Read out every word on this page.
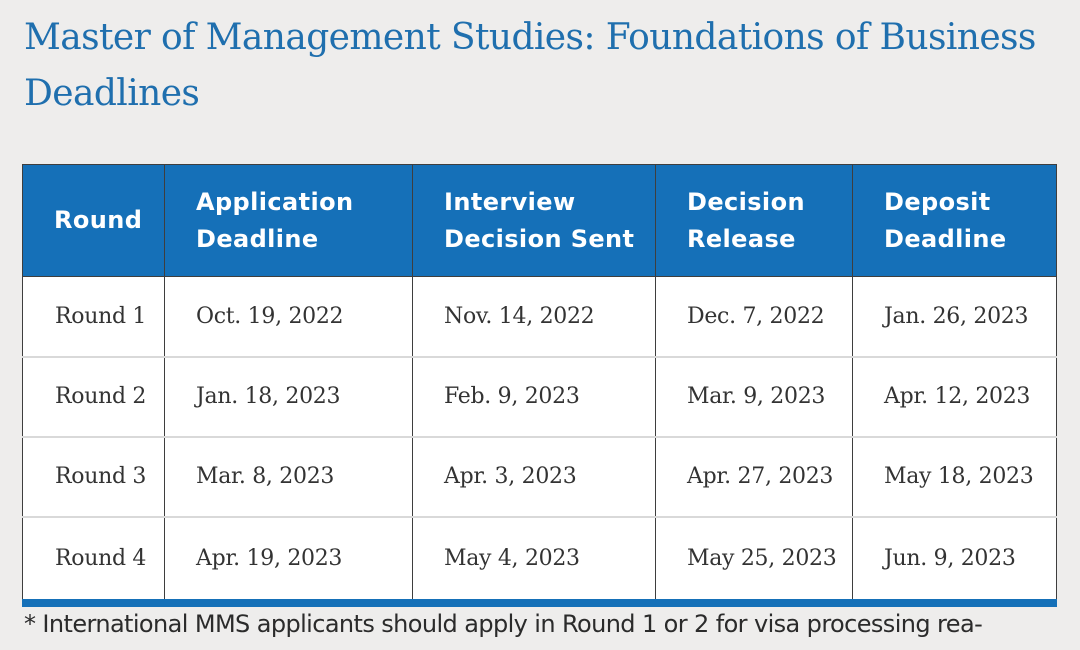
Master of Management Studies: Foundations of Business Deadlines
Round	Application Deadline	Interview Decision Sent	Decision Release	Deposit Deadline
Round 1	Oct. 19, 2022	Nov. 14, 2022	Dec. 7, 2022	Jan. 26, 2023
Round 2	Jan. 18, 2023	Feb. 9, 2023	Mar. 9, 2023	Apr. 12, 2023
Round 3	Mar. 8, 2023	Apr. 3, 2023	Apr. 27, 2023	May 18, 2023
Round 4	Apr. 19, 2023	May 4, 2023	May 25, 2023	Jun. 9, 2023

* International MMS applicants should apply in Round 1 or 2 for visa processing rea-
